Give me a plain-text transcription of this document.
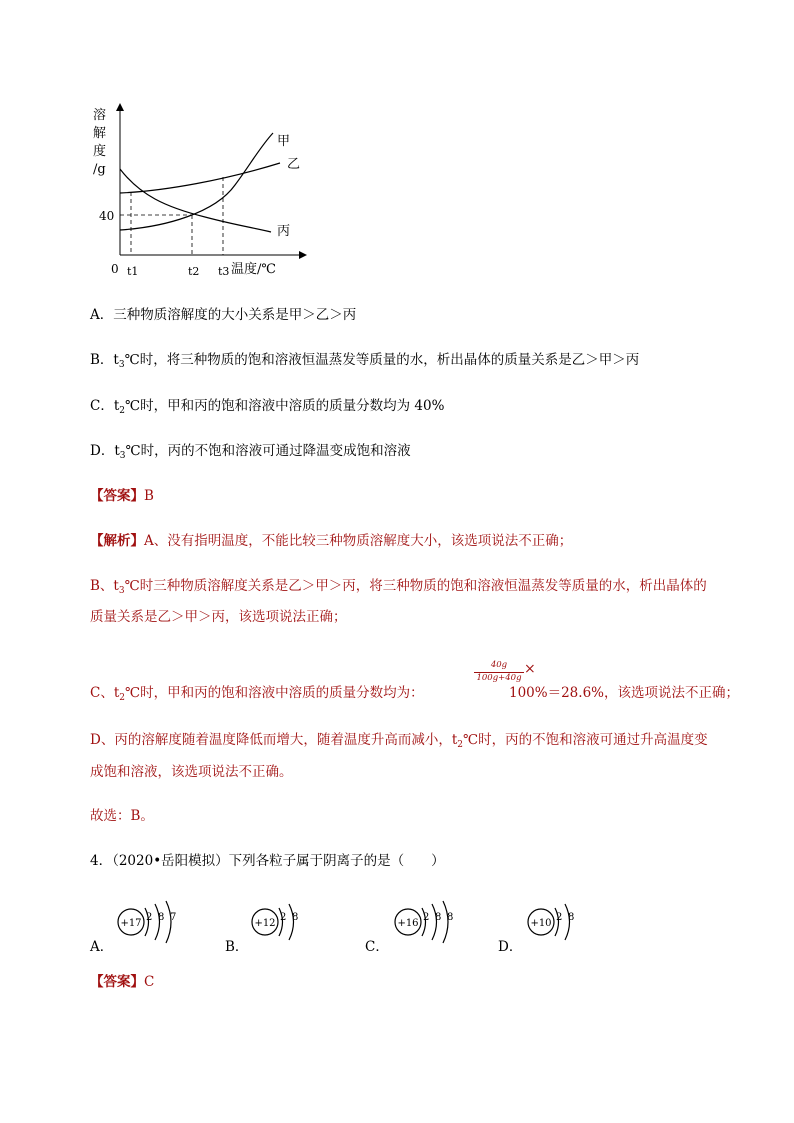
溶
解
度
/g
40
0
甲
乙
丙
t1	t2 t3 温度/℃
A．三种物质溶解度的大小关系是甲＞乙＞丙
B．$t_3℃$时，将三种物质的饱和溶液恒温蒸发等质量的水，析出晶体的质量关系是乙＞甲＞丙
C．$t_2℃$时，甲和丙的饱和溶液中溶质的质量分数均为 40%
D．$t_3℃$时，丙的不饱和溶液可通过降温变成饱和溶液
【答案】B
【解析】A、没有指明温度，不能比较三种物质溶解度大小，该选项说法不正确；
B、$t_3℃$时三种物质溶解度关系是乙＞甲＞丙，将三种物质的饱和溶液恒温蒸发等质量的水，析出晶体的
质量关系是乙＞甲＞丙，该选项说法正确；
C、$t_2℃$时，甲和丙的饱和溶液中溶质的质量分数均为：
$\frac{40g}{100g+40g}$ ×
100%＝28.6%，该选项说法不正确；
D、丙的溶解度随着温度降低而增大，随着温度升高而减小，$t_2℃$时，丙的不饱和溶液可通过升高温度变
成饱和溶液，该选项说法不正确。
故选：B。
4．（2020•岳阳模拟）下列各粒子属于阴离子的是（　　）
A．
+17
2 8 7
B．
+12
2 8
C．
+16
2 8 8
D．
+10
2 8
【答案】C
